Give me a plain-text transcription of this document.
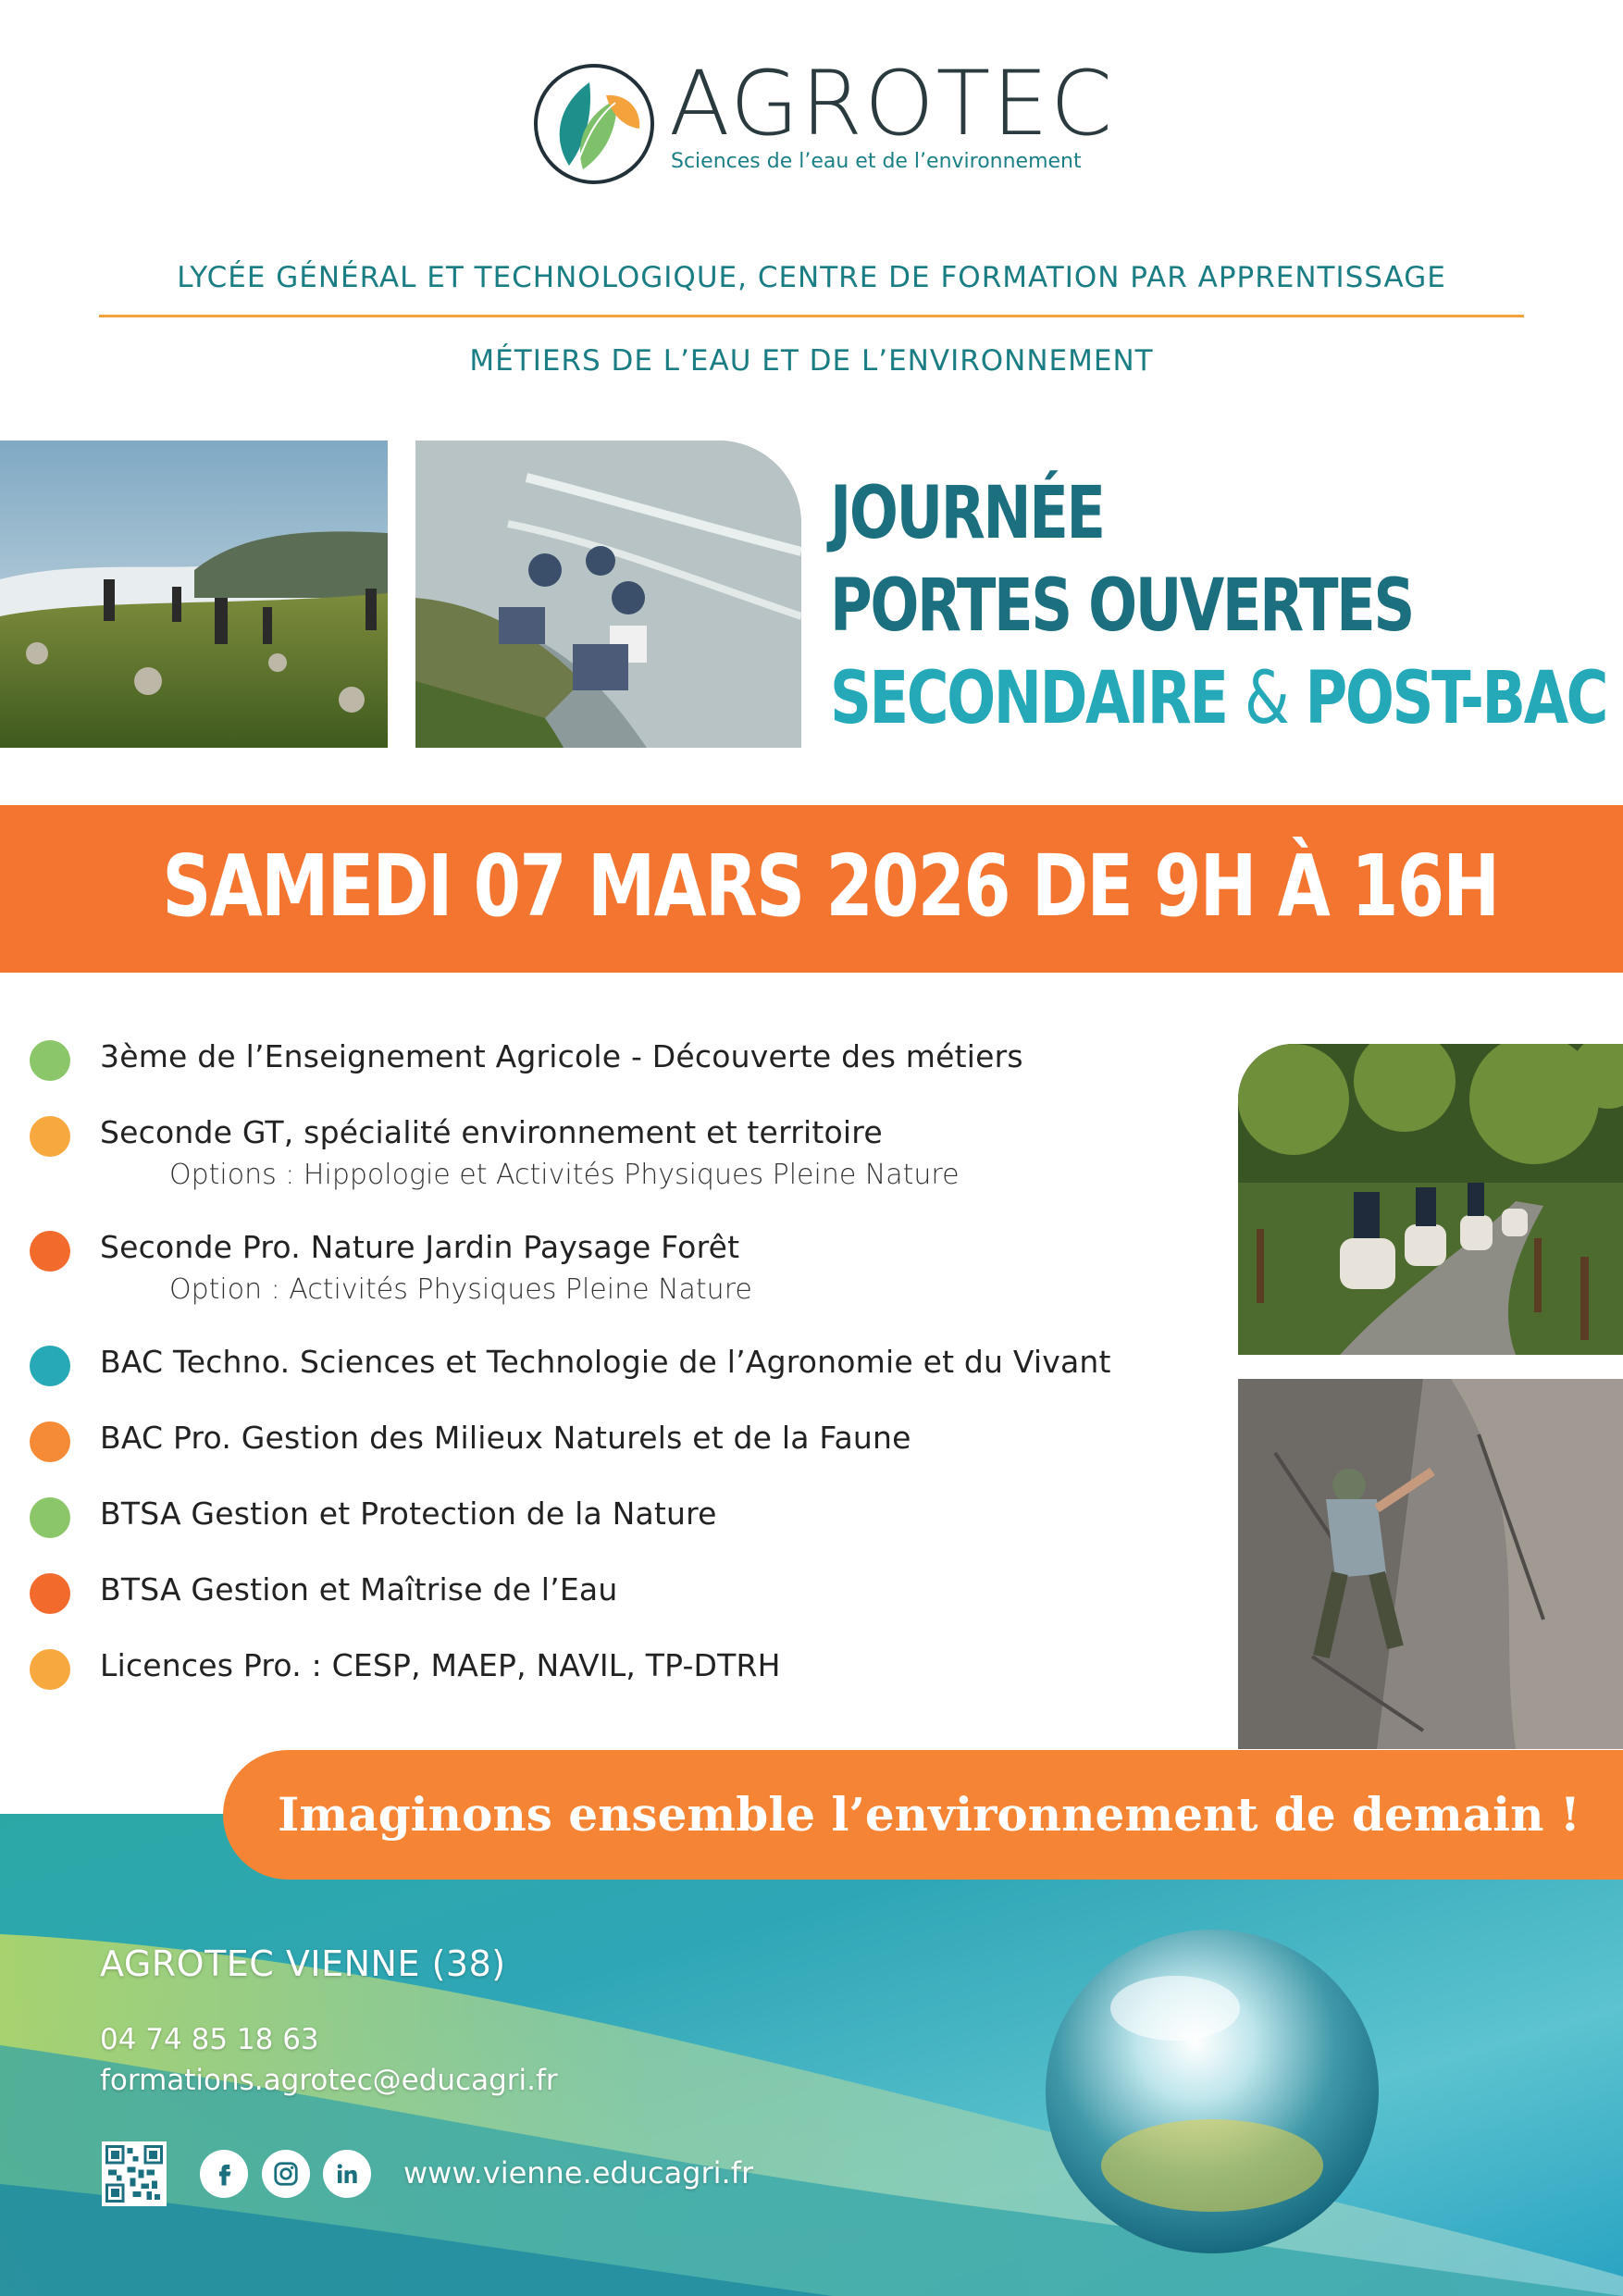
AGROTEC
Sciences de l’eau et de l’environnement
LYCÉE GÉNÉRAL ET TECHNOLOGIQUE, CENTRE DE FORMATION PAR APPRENTISSAGE
MÉTIERS DE L’EAU ET DE L’ENVIRONNEMENT
JOURNÉE
PORTES OUVERTES
SECONDAIRE & POST-BAC
SAMEDI 07 MARS 2026 DE 9H À 16H
3ème de l’Enseignement Agricole - Découverte des métiers
Seconde GT, spécialité environnement et territoire
Options : Hippologie et Activités Physiques Pleine Nature
Seconde Pro. Nature Jardin Paysage Forêt
Option : Activités Physiques Pleine Nature
BAC Techno. Sciences et Technologie de l’Agronomie et du Vivant
BAC Pro. Gestion des Milieux Naturels et de la Faune
BTSA Gestion et Protection de la Nature
BTSA Gestion et Maîtrise de l’Eau
Licences Pro. : CESP, MAEP, NAVIL, TP-DTRH
Imaginons ensemble l’environnement de demain !
AGROTEC VIENNE (38)
04 74 85 18 63
formations.agrotec@educagri.fr
www.vienne.educagri.fr
